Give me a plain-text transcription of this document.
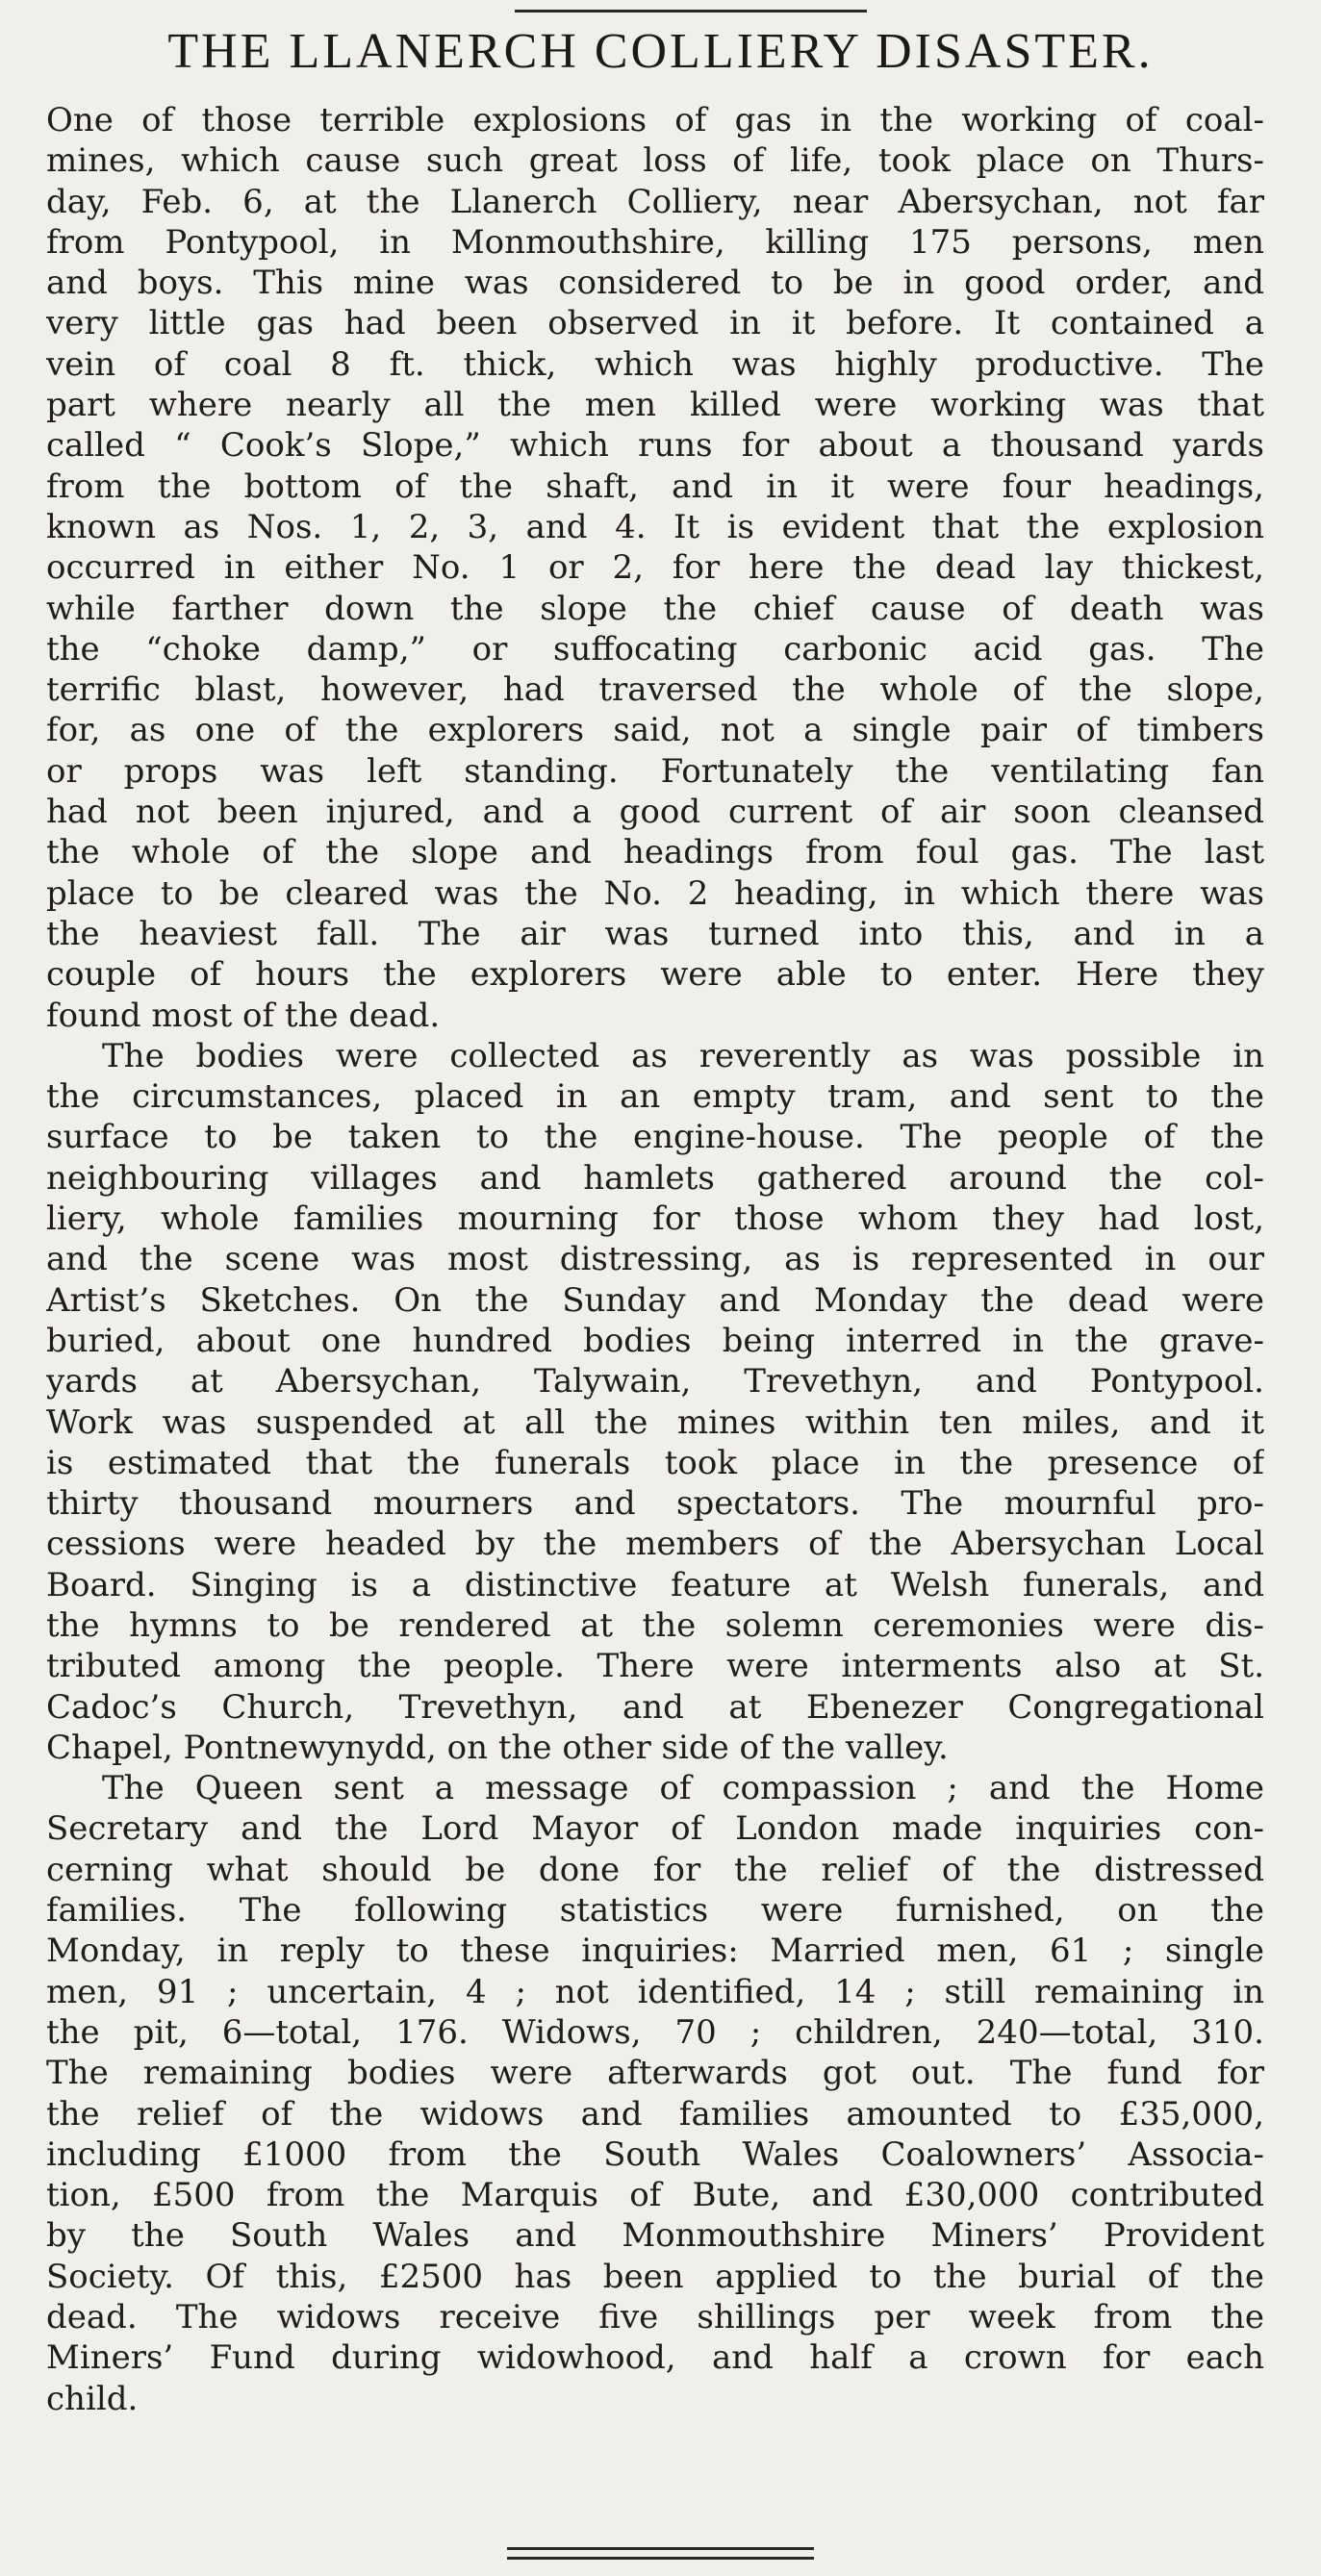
THE LLANERCH COLLIERY DISASTER.
One of those terrible explosions of gas in the working of coal-
mines, which cause such great loss of life, took place on Thurs-
day, Feb. 6, at the Llanerch Colliery, near Abersychan, not far
from Pontypool, in Monmouthshire, killing 175 persons, men
and boys. This mine was considered to be in good order, and
very little gas had been observed in it before. It contained a
vein of coal 8 ft. thick, which was highly productive. The
part where nearly all the men killed were working was that
called “ Cook’s Slope,” which runs for about a thousand yards
from the bottom of the shaft, and in it were four headings,
known as Nos. 1, 2, 3, and 4. It is evident that the explosion
occurred in either No. 1 or 2, for here the dead lay thickest,
while farther down the slope the chief cause of death was
the “choke damp,” or suffocating carbonic acid gas. The
terrific blast, however, had traversed the whole of the slope,
for, as one of the explorers said, not a single pair of timbers
or props was left standing. Fortunately the ventilating fan
had not been injured, and a good current of air soon cleansed
the whole of the slope and headings from foul gas. The last
place to be cleared was the No. 2 heading, in which there was
the heaviest fall. The air was turned into this, and in a
couple of hours the explorers were able to enter. Here they
found most of the dead.
The bodies were collected as reverently as was possible in
the circumstances, placed in an empty tram, and sent to the
surface to be taken to the engine-house. The people of the
neighbouring villages and hamlets gathered around the col-
liery, whole families mourning for those whom they had lost,
and the scene was most distressing, as is represented in our
Artist’s Sketches. On the Sunday and Monday the dead were
buried, about one hundred bodies being interred in the grave-
yards at Abersychan, Talywain, Trevethyn, and Pontypool.
Work was suspended at all the mines within ten miles, and it
is estimated that the funerals took place in the presence of
thirty thousand mourners and spectators. The mournful pro-
cessions were headed by the members of the Abersychan Local
Board. Singing is a distinctive feature at Welsh funerals, and
the hymns to be rendered at the solemn ceremonies were dis-
tributed among the people. There were interments also at St.
Cadoc’s Church, Trevethyn, and at Ebenezer Congregational
Chapel, Pontnewynydd, on the other side of the valley.
The Queen sent a message of compassion ; and the Home
Secretary and the Lord Mayor of London made inquiries con-
cerning what should be done for the relief of the distressed
families. The following statistics were furnished, on the
Monday, in reply to these inquiries: Married men, 61 ; single
men, 91 ; uncertain, 4 ; not identified, 14 ; still remaining in
the pit, 6—total, 176. Widows, 70 ; children, 240—total, 310.
The remaining bodies were afterwards got out. The fund for
the relief of the widows and families amounted to £35,000,
including £1000 from the South Wales Coalowners’ Associa-
tion, £500 from the Marquis of Bute, and £30,000 contributed
by the South Wales and Monmouthshire Miners’ Provident
Society. Of this, £2500 has been applied to the burial of the
dead. The widows receive five shillings per week from the
Miners’ Fund during widowhood, and half a crown for each
child.
